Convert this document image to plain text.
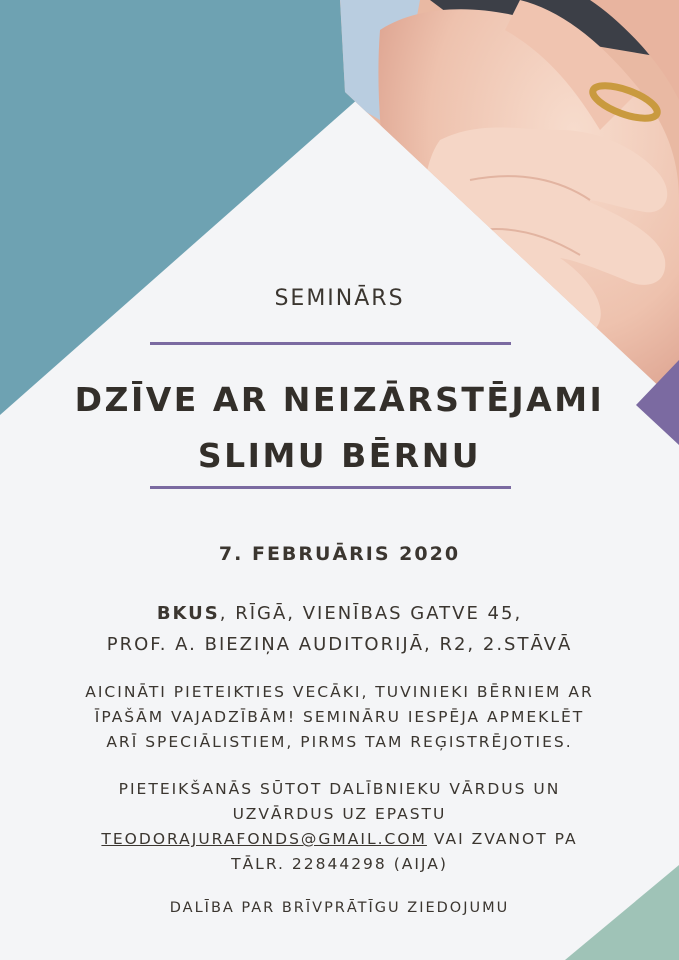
SEMINĀRS
DZĪVE AR NEIZĀRSTĒJAMI
SLIMU BĒRNU
7. FEBRUĀRIS 2020
BKUS, RĪGĀ, VIENĪBAS GATVE 45,
PROF. A. BIEZIŅA AUDITORIJĀ, R2, 2.STĀVĀ
AICINĀTI PIETEIKTIES VECĀKI, TUVINIEKI BĒRNIEM AR
ĪPAŠĀM VAJADZĪBĀM! SEMINĀRU IESPĒJA APMEKLĒT
ARĪ SPECIĀLISTIEM, PIRMS TAM REĢISTRĒJOTIES.
PIETEIKŠANĀS SŪTOT DALĪBNIEKU VĀRDUS UN
UZVĀRDUS UZ EPASTU
TEODORAJURAFONDS@GMAIL.COM VAI ZVANOT PA
TĀLR. 22844298 (AIJA)
DALĪBA PAR BRĪVPRĀTĪGU ZIEDOJUMU
